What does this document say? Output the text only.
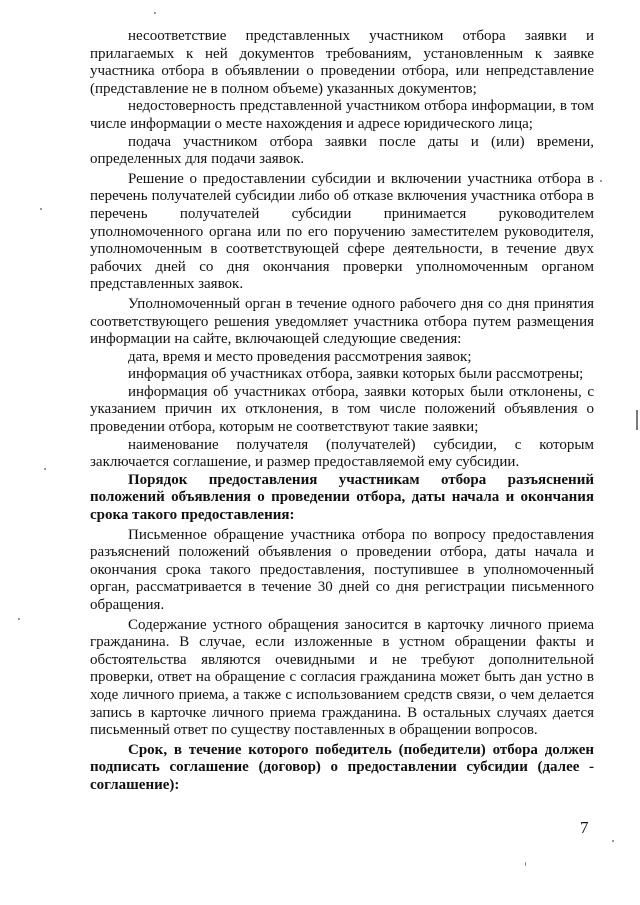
несоответствие представленных участником отбора заявки и прилагаемых к ней документов требованиям, установленным к заявке участника отбора в объявлении о проведении отбора, или непредставление (представление не в полном объеме) указанных документов;

недостоверность представленной участником отбора информации, в том числе информации о месте нахождения и адресе юридического лица;

подача участником отбора заявки после даты и (или) времени, определенных для подачи заявок.

Решение о предоставлении субсидии и включении участника отбора в перечень получателей субсидии либо об отказе включения участника отбора в перечень получателей субсидии принимается руководителем уполномоченного органа или по его поручению заместителем руководителя, уполномоченным в соответствующей сфере деятельности, в течение двух рабочих дней со дня окончания проверки уполномоченным органом представленных заявок.

Уполномоченный орган в течение одного рабочего дня со дня принятия соответствующего решения уведомляет участника отбора путем размещения информации на сайте, включающей следующие сведения:

дата, время и место проведения рассмотрения заявок;

информация об участниках отбора, заявки которых были рассмотрены;

информация об участниках отбора, заявки которых были отклонены, с указанием причин их отклонения, в том числе положений объявления о проведении отбора, которым не соответствуют такие заявки;

наименование получателя (получателей) субсидии, с которым заключается соглашение, и размер предоставляемой ему субсидии.

Порядок предоставления участникам отбора разъяснений положений объявления о проведении отбора, даты начала и окончания срока такого предоставления:

Письменное обращение участника отбора по вопросу предоставления разъяснений положений объявления о проведении отбора, даты начала и окончания срока такого предоставления, поступившее в уполномоченный орган, рассматривается в течение 30 дней со дня регистрации письменного обращения.

Содержание устного обращения заносится в карточку личного приема гражданина. В случае, если изложенные в устном обращении факты и обстоятельства являются очевидными и не требуют дополнительной проверки, ответ на обращение с согласия гражданина может быть дан устно в ходе личного приема, а также с использованием средств связи, о чем делается запись в карточке личного приема гражданина. В остальных случаях дается письменный ответ по существу поставленных в обращении вопросов.

Срок, в течение которого победитель (победители) отбора должен подписать соглашение (договор) о предоставлении субсидии (далее - соглашение):

7
